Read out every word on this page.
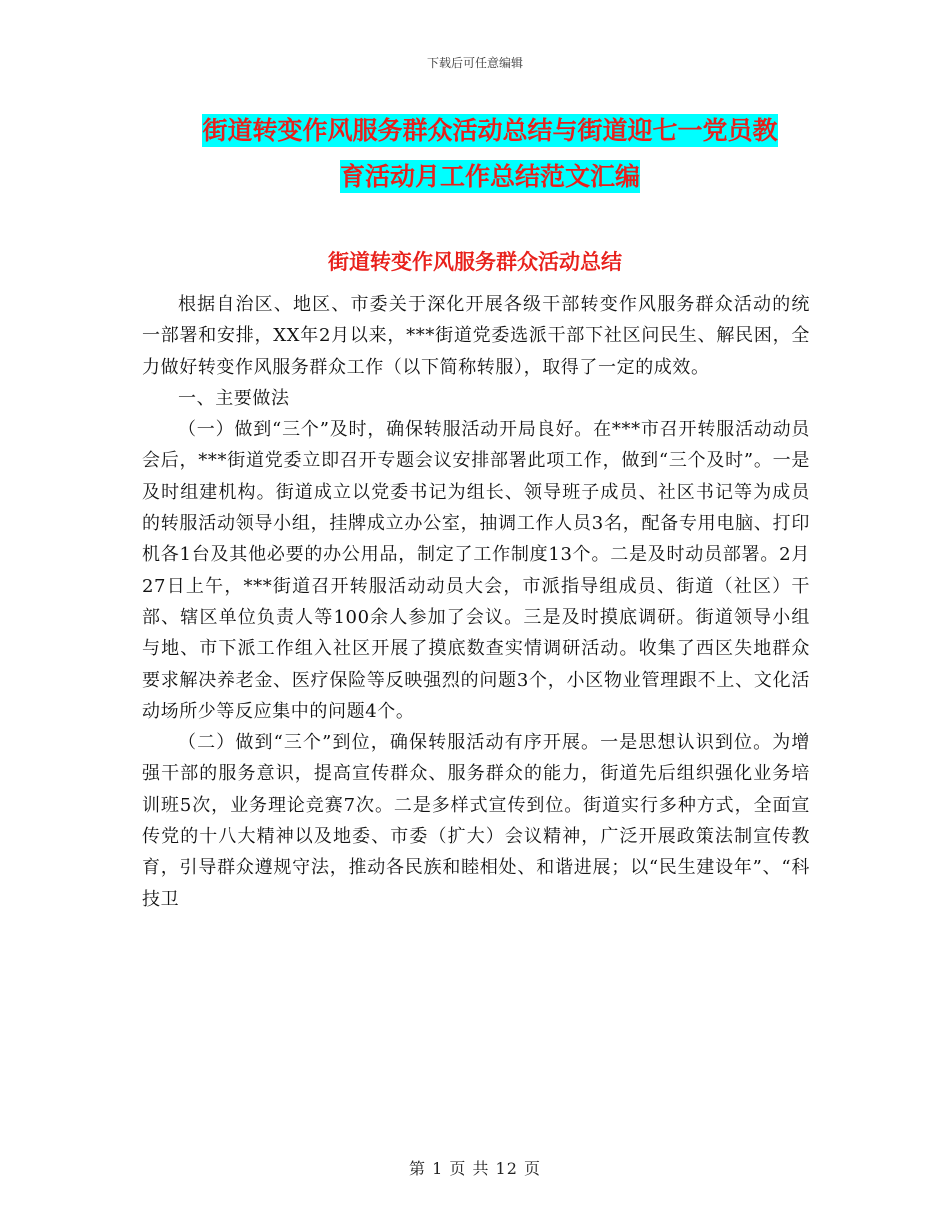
下载后可任意编辑
街道转变作风服务群众活动总结与街道迎七一党员教
育活动月工作总结范文汇编
街道转变作风服务群众活动总结

根据自治区、地区、市委关于深化开展各级干部转变作风服务群众活动的统一部署和安排，XX年2月以来，***街道党委选派干部下社区问民生、解民困，全力做好转变作风服务群众工作（以下简称转服），取得了一定的成效。

一、主要做法

（一）做到“三个”及时，确保转服活动开局良好。在***市召开转服活动动员会后，***街道党委立即召开专题会议安排部署此项工作，做到“三个及时”。一是及时组建机构。街道成立以党委书记为组长、领导班子成员、社区书记等为成员的转服活动领导小组，挂牌成立办公室，抽调工作人员3名，配备专用电脑、打印机各1台及其他必要的办公用品，制定了工作制度13个。二是及时动员部署。2月27日上午，***街道召开转服活动动员大会，市派指导组成员、街道（社区）干部、辖区单位负责人等100余人参加了会议。三是及时摸底调研。街道领导小组与地、市下派工作组入社区开展了摸底数查实情调研活动。收集了西区失地群众要求解决养老金、医疗保险等反映强烈的问题3个，小区物业管理跟不上、文化活动场所少等反应集中的问题4个。

（二）做到“三个”到位，确保转服活动有序开展。一是思想认识到位。为增强干部的服务意识，提高宣传群众、服务群众的能力，街道先后组织强化业务培训班5次，业务理论竞赛7次。二是多样式宣传到位。街道实行多种方式，全面宣传党的十八大精神以及地委、市委（扩大）会议精神，广泛开展政策法制宣传教育，引导群众遵规守法，推动各民族和睦相处、和谐进展；以“民生建设年”、“科技卫

第 1 页 共 12 页
